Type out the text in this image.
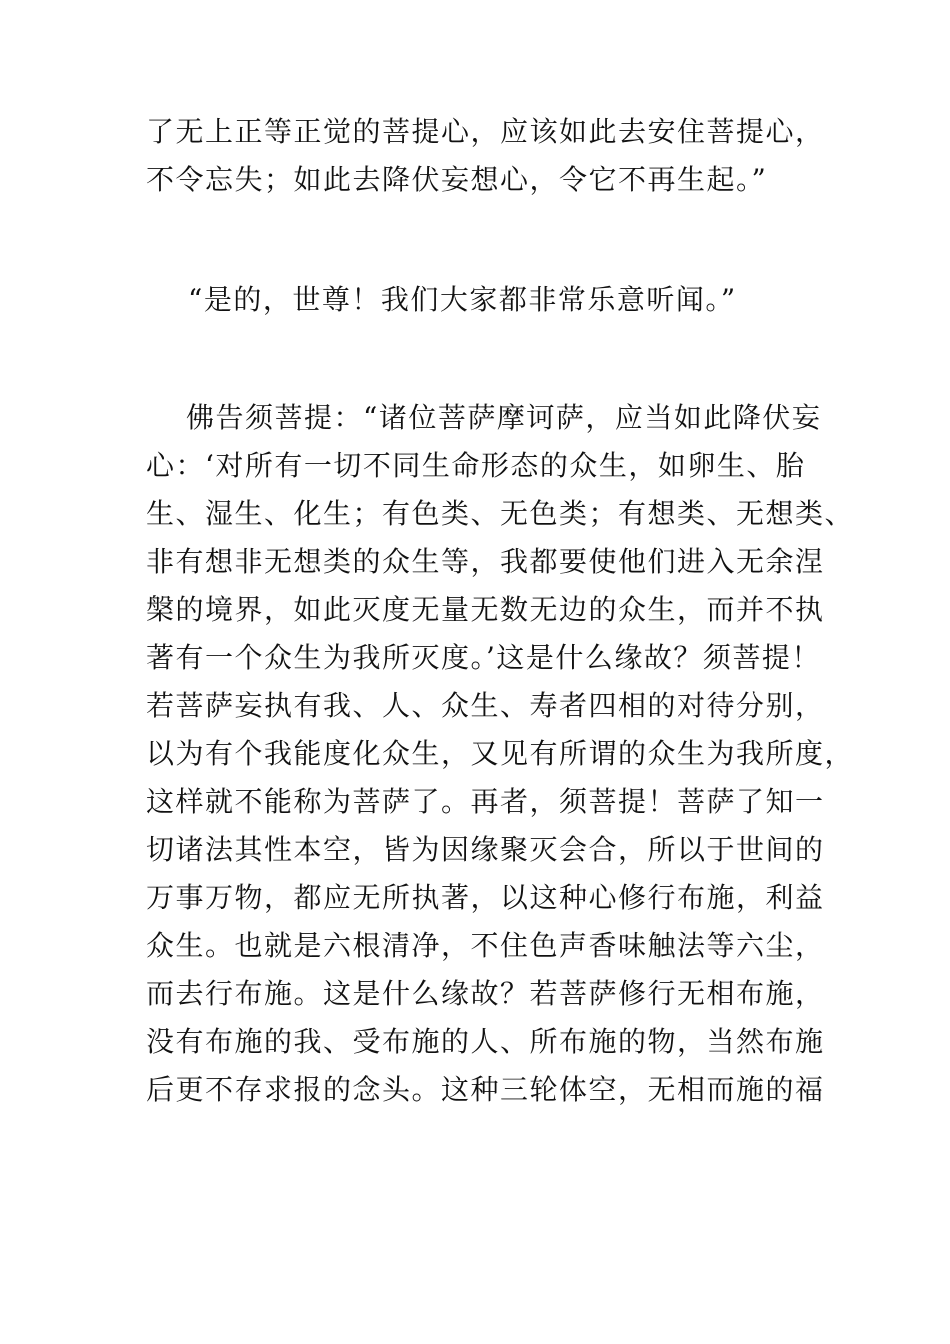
了无上正等正觉的菩提心，应该如此去安住菩提心，
不令忘失；如此去降伏妄想心，令它不再生起。”
“是的，世尊！我们大家都非常乐意听闻。”
佛告须菩提：“诸位菩萨摩诃萨，应当如此降伏妄
心：‘对所有一切不同生命形态的众生，如卵生、胎
生、湿生、化生；有色类、无色类；有想类、无想类、
非有想非无想类的众生等，我都要使他们进入无余涅
槃的境界，如此灭度无量无数无边的众生，而并不执
著有一个众生为我所灭度。’这是什么缘故？须菩提！
若菩萨妄执有我、人、众生、寿者四相的对待分别，
以为有个我能度化众生，又见有所谓的众生为我所度，
这样就不能称为菩萨了。再者，须菩提！菩萨了知一
切诸法其性本空，皆为因缘聚灭会合，所以于世间的
万事万物，都应无所执著，以这种心修行布施，利益
众生。也就是六根清净，不住色声香味触法等六尘，
而去行布施。这是什么缘故？若菩萨修行无相布施，
没有布施的我、受布施的人、所布施的物，当然布施
后更不存求报的念头。这种三轮体空，无相而施的福
